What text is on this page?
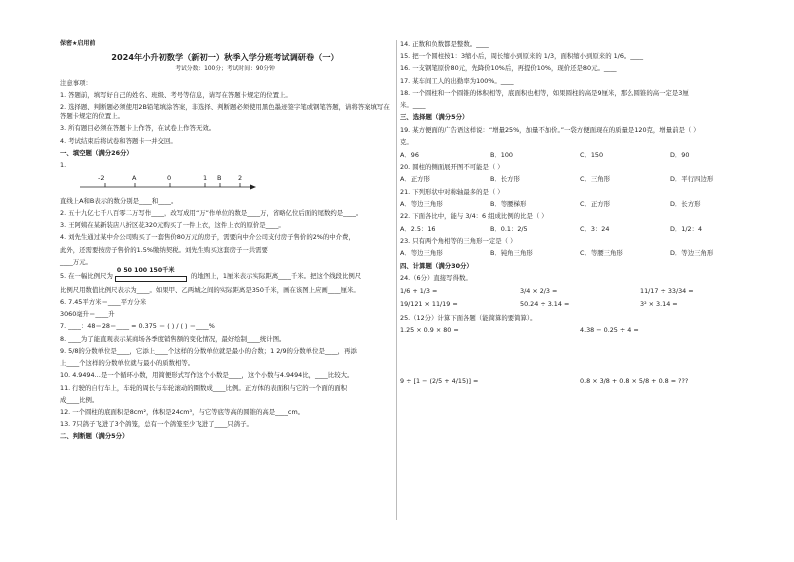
保密★启用前
2024年小升初数学（新初一）秋季入学分班考试调研卷（一）
考试分数：100分；考试时间：90分钟
注意事项：
1. 答题前，填写好自己的姓名、班级、考号等信息，请写在答题卡规定的位置上。
2. 选择题、判断题必须使用2B铅笔填涂答案，非选择、判断题必须使用黑色墨迹签字笔或钢笔答题，请将答案填写在答题卡规定的位置上。
3. 所有题目必须在答题卡上作答，在试卷上作答无效。
4. 考试结束后将试卷和答题卡一并交回。
一、填空题（满分26分）
1.
-2	A	0	1 B	2
直线上A和B表示的数分别是____和____。
2. 五十九亿七千八百零二万写作____，改写成用“万”作单位的数是____万，省略亿位后面的尾数约是____。
3. 王阿姨在某新装店八折区花320元购买了一件上衣，这件上衣的原价是____。
4. 刘先生通过某中介公司购买了一套售价80万元的房子，需要向中介公司支付房子售价的2%的中介费，
此外，还需要按房子售价的1.5%缴纳契税。刘先生购买这套房子一共需要
____万元。
5. 在一幅比例尺为
0 50 100 150千米
的地图上，1厘米表示实际距离____千米。把这个线段比例尺
比例尺用数值比例尺表示为____。如果甲、乙两城之间的实际距离是350千米，画在该图上应画____厘米。
6. 7.45平方米＝____平方分米
3060毫升＝____升
7. ____：48＝28＝____ = 0.375 ＝ ( ) / ( ) ＝____%
8. ____为了能直观表示某商场各季度销售额的变化情况，最好绘制____统计图。
9. 5/8的分数单位是____，它添上____个这样的分数单位就是最小的合数；1 2/9的分数单位是____，再添
上____个这样的分数单位就与最小的质数相等。
10. 4.9494…是一个循环小数，用简便形式写作这个小数是____，这个小数与4.9494比，____比较大。
11. 行驶的自行车上，车轮的周长与车轮滚动的圈数成____比例。正方体的表面积与它的一个面的面积
成____比例。
12. 一个圆柱的底面积是8cm²，体积是24cm³，与它等底等高的圆锥的高是____cm。
13. 7只鸽子飞进了3个鸽笼，总有一个鸽笼至少飞进了____只鸽子。
二、判断题（满分5分）
14. 正数和负数都是整数。____
15. 把一个圆柱按1：3缩小后，周长缩小到原来的 1/3，面积缩小到原来的 1/6。____
16. 一支钢笔原价80元，先降价10%后，再提价10%，现价还是80元。____
17. 某车间工人的出勤率为100%。____
18. 一个圆柱和一个圆锥的体积相等，底面积也相等，如果圆柱的高是9厘米，那么圆锥的高一定是3厘
米。____
三、选择题（满分5分）
19. 某方便面的广告语这样说：“增量25%，加量不加价。”一袋方便面现在的质量是120克，增量前是（ ）
克。
A．96	B．100	C．150	D．90
20. 圆柱的侧面展开图不可能是（ ）
A．正方形	B．长方形	C．三角形	D．平行四边形
21. 下列形状中对称轴最多的是（ ）
A．等边三角形	B．等腰梯形	C．正方形	D．长方形
22. 下面各比中，能与 3/4：6 组成比例的比是（ ）
A．2.5：16	B．0.1：2/5	C．3：24	D．1/2：4
23. 只有两个角相等的三角形一定是（ ）
A．等边三角形	B．钝角三角形	C．等腰三角形	D．等边三角形
四、计算题（满分30分）
24.（6分）直接写得数。
1/6 + 1/3 =	3/4 × 2/3 =	11/17 ÷ 33/34 =
19/121 × 11/19 =	50.24 ÷ 3.14 =	3² × 3.14 =
25.（12分）计算下面各题（能简算的要简算）。
1.25 × 0.9 × 80 =	4.38 − 0.25 ÷ 4 =
9 ÷ [1 − (2/5 + 4/15)] =	0.8 × 3/8 + 0.8 × 5/8 + 0.8 = ???
